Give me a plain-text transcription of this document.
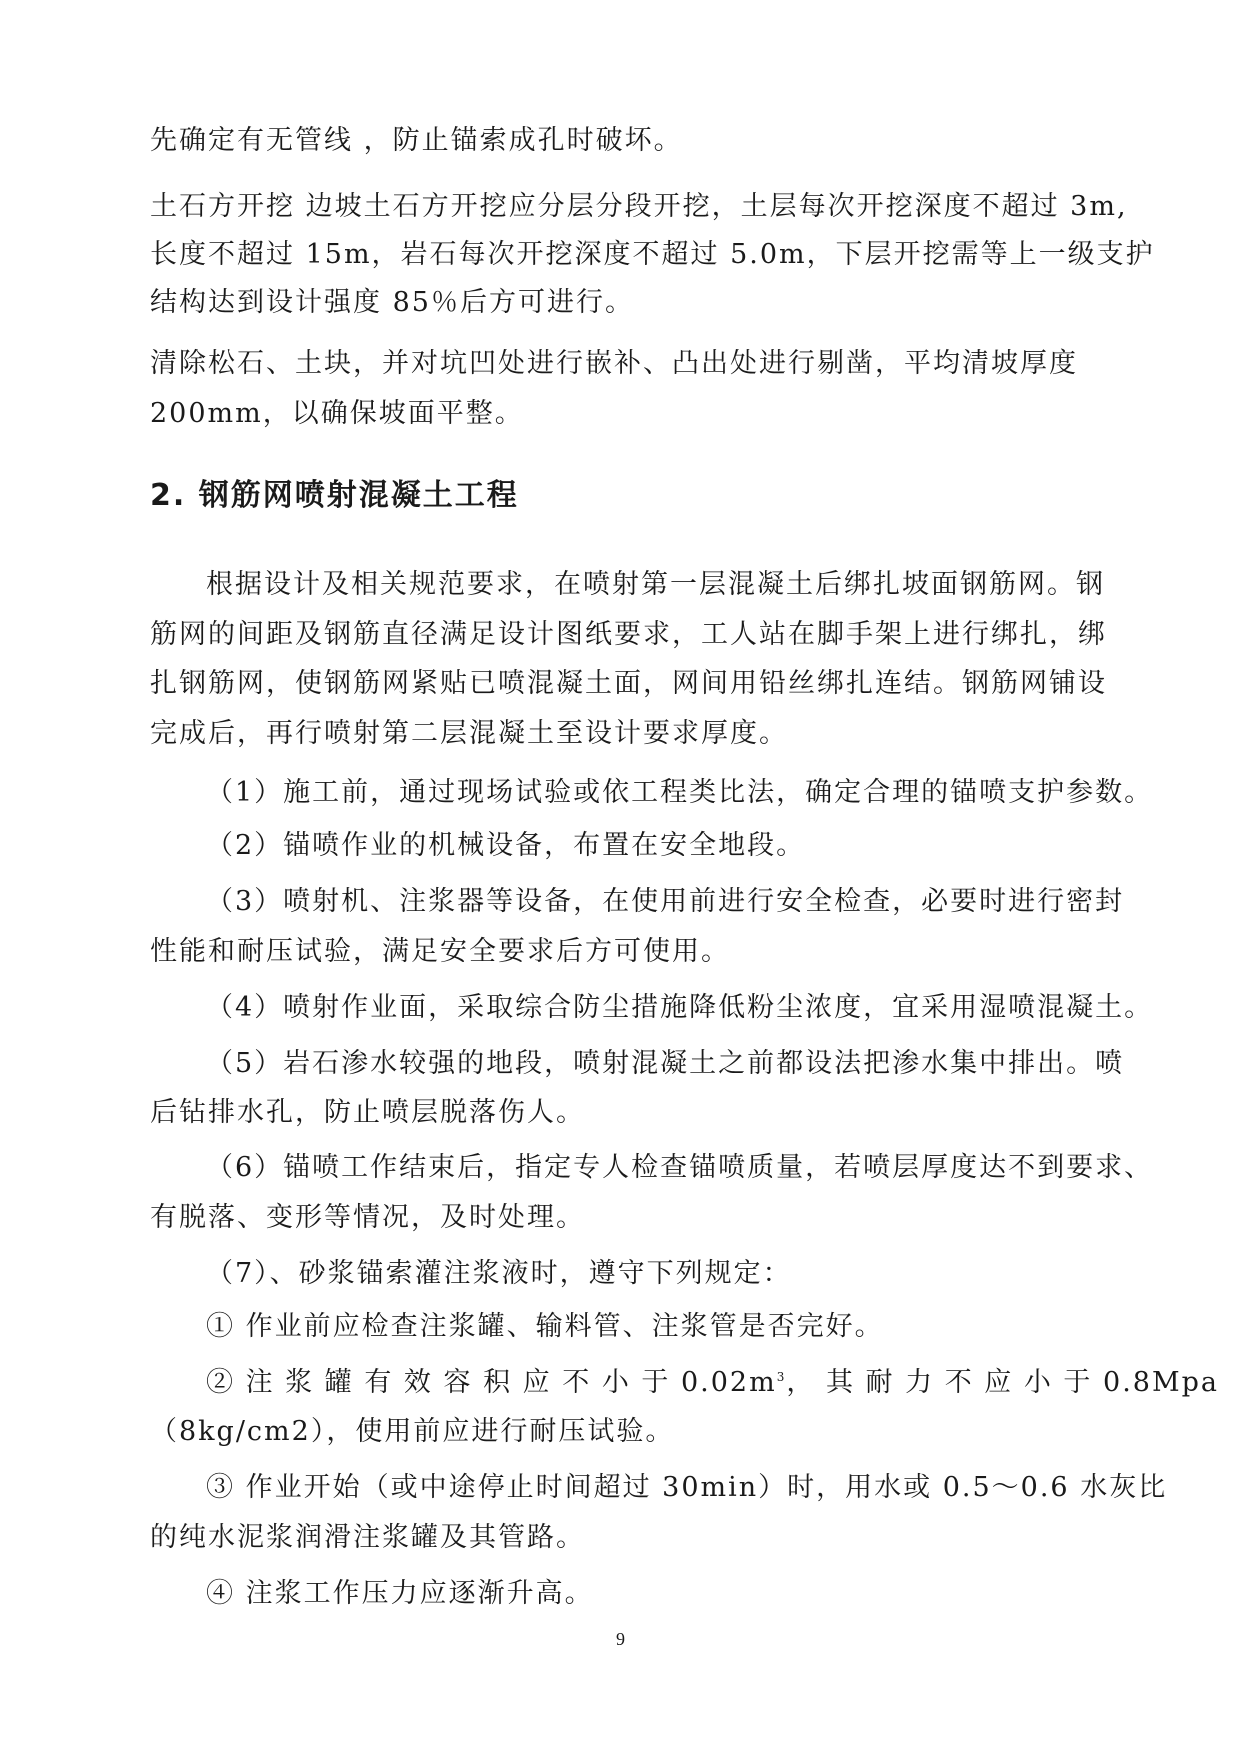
先确定有无管线 ，防止锚索成孔时破坏。
土石方开挖 边坡土石方开挖应分层分段开挖，土层每次开挖深度不超过 3m,
长度不超过 15m，岩石每次开挖深度不超过 5.0m，下层开挖需等上一级支护
结构达到设计强度 85％后方可进行。
清除松石、土块，并对坑凹处进行嵌补、凸出处进行剔凿，平均清坡厚度
200mm，以确保坡面平整。
2. 钢筋网喷射混凝土工程
根据设计及相关规范要求，在喷射第一层混凝土后绑扎坡面钢筋网。钢
筋网的间距及钢筋直径满足设计图纸要求，工人站在脚手架上进行绑扎，绑
扎钢筋网，使钢筋网紧贴已喷混凝土面，网间用铅丝绑扎连结。钢筋网铺设
完成后，再行喷射第二层混凝土至设计要求厚度。
（1）施工前，通过现场试验或依工程类比法，确定合理的锚喷支护参数。
（2）锚喷作业的机械设备，布置在安全地段。
（3）喷射机、注浆器等设备，在使用前进行安全检查，必要时进行密封
性能和耐压试验，满足安全要求后方可使用。
（4）喷射作业面，采取综合防尘措施降低粉尘浓度，宜采用湿喷混凝土。
（5）岩石渗水较强的地段，喷射混凝土之前都设法把渗水集中排出。喷
后钻排水孔，防止喷层脱落伤人。
（6）锚喷工作结束后，指定专人检查锚喷质量，若喷层厚度达不到要求、
有脱落、变形等情况，及时处理。
（7）、砂浆锚索灌注浆液时，遵守下列规定：
① 作业前应检查注浆罐、输料管、注浆管是否完好。
② 注 浆 罐 有 效 容 积 应 不 小 于 $0.02m^3$， 其 耐 力 不 应 小 于 0.8Mpa
（8kg/cm2），使用前应进行耐压试验。
③ 作业开始（或中途停止时间超过 30min）时，用水或 0.5～0.6 水灰比
的纯水泥浆润滑注浆罐及其管路。
④ 注浆工作压力应逐渐升高。
9
